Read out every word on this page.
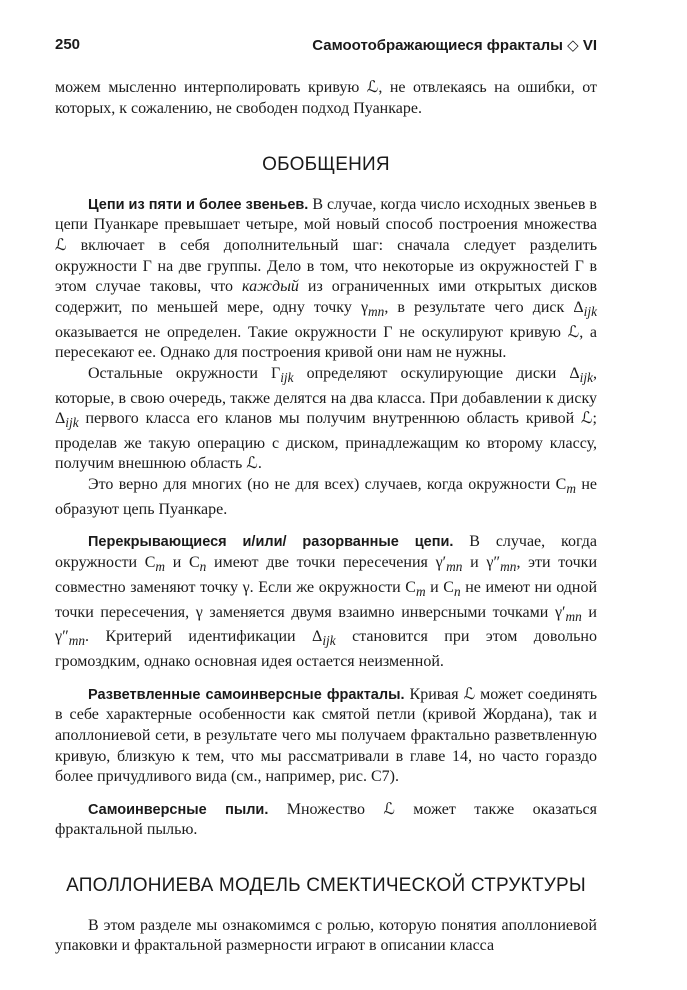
250	Самоотображающиеся фракталы ◇ VI

можем мысленно интерполировать кривую ℒ, не отвлекаясь на ошибки, от которых, к сожалению, не свободен подход Пуанкаре.

ОБОБЩЕНИЯ

Цепи из пяти и более звеньев. В случае, когда число исходных звеньев в цепи Пуанкаре превышает четыре, мой новый способ построения множества ℒ включает в себя дополнительный шаг: сначала следует разделить окружности Γ на две группы. Дело в том, что некоторые из окружностей Γ в этом случае таковы, что каждый из ограниченных ими открытых дисков содержит, по меньшей мере, одну точку $\gamma_{mn}$, в результате чего диск $\Delta_{ijk}$ оказывается не определен. Такие окружности Γ не оскулируют кривую ℒ, а пересекают ее. Однако для построения кривой они нам не нужны.

Остальные окружности $\Gamma_{ijk}$ определяют оскулирующие диски $\Delta_{ijk}$, которые, в свою очередь, также делятся на два класса. При добавлении к диску $\Delta_{ijk}$ первого класса его кланов мы получим внутреннюю область кривой ℒ; проделав же такую операцию с диском, принадлежащим ко второму классу, получим внешнюю область ℒ.

Это верно для многих (но не для всех) случаев, когда окружности $C_m$ не образуют цепь Пуанкаре.

Перекрывающиеся и/или/ разорванные цепи. В случае, когда окружности $C_m$ и $C_n$ имеют две точки пересечения $\gamma'_{mn}$ и $\gamma''_{mn}$, эти точки совместно заменяют точку γ. Если же окружности $C_m$ и $C_n$ не имеют ни одной точки пересечения, γ заменяется двумя взаимно инверсными точками $\gamma'_{mn}$ и $\gamma''_{mn}$. Критерий идентификации $\Delta_{ijk}$ становится при этом довольно громоздким, однако основная идея остается неизменной.

Разветвленные самоинверсные фракталы. Кривая ℒ может соединять в себе характерные особенности как смятой петли (кривой Жордана), так и аполлониевой сети, в результате чего мы получаем фрактально разветвленную кривую, близкую к тем, что мы рассматривали в главе 14, но часто гораздо более причудливого вида (см., например, рис. С7).

Самоинверсные пыли. Множество ℒ может также оказаться фрактальной пылью.

АПОЛЛОНИЕВА МОДЕЛЬ СМЕКТИЧЕСКОЙ СТРУКТУРЫ

В этом разделе мы ознакомимся с ролью, которую понятия аполлониевой упаковки и фрактальной размерности играют в описании класса
